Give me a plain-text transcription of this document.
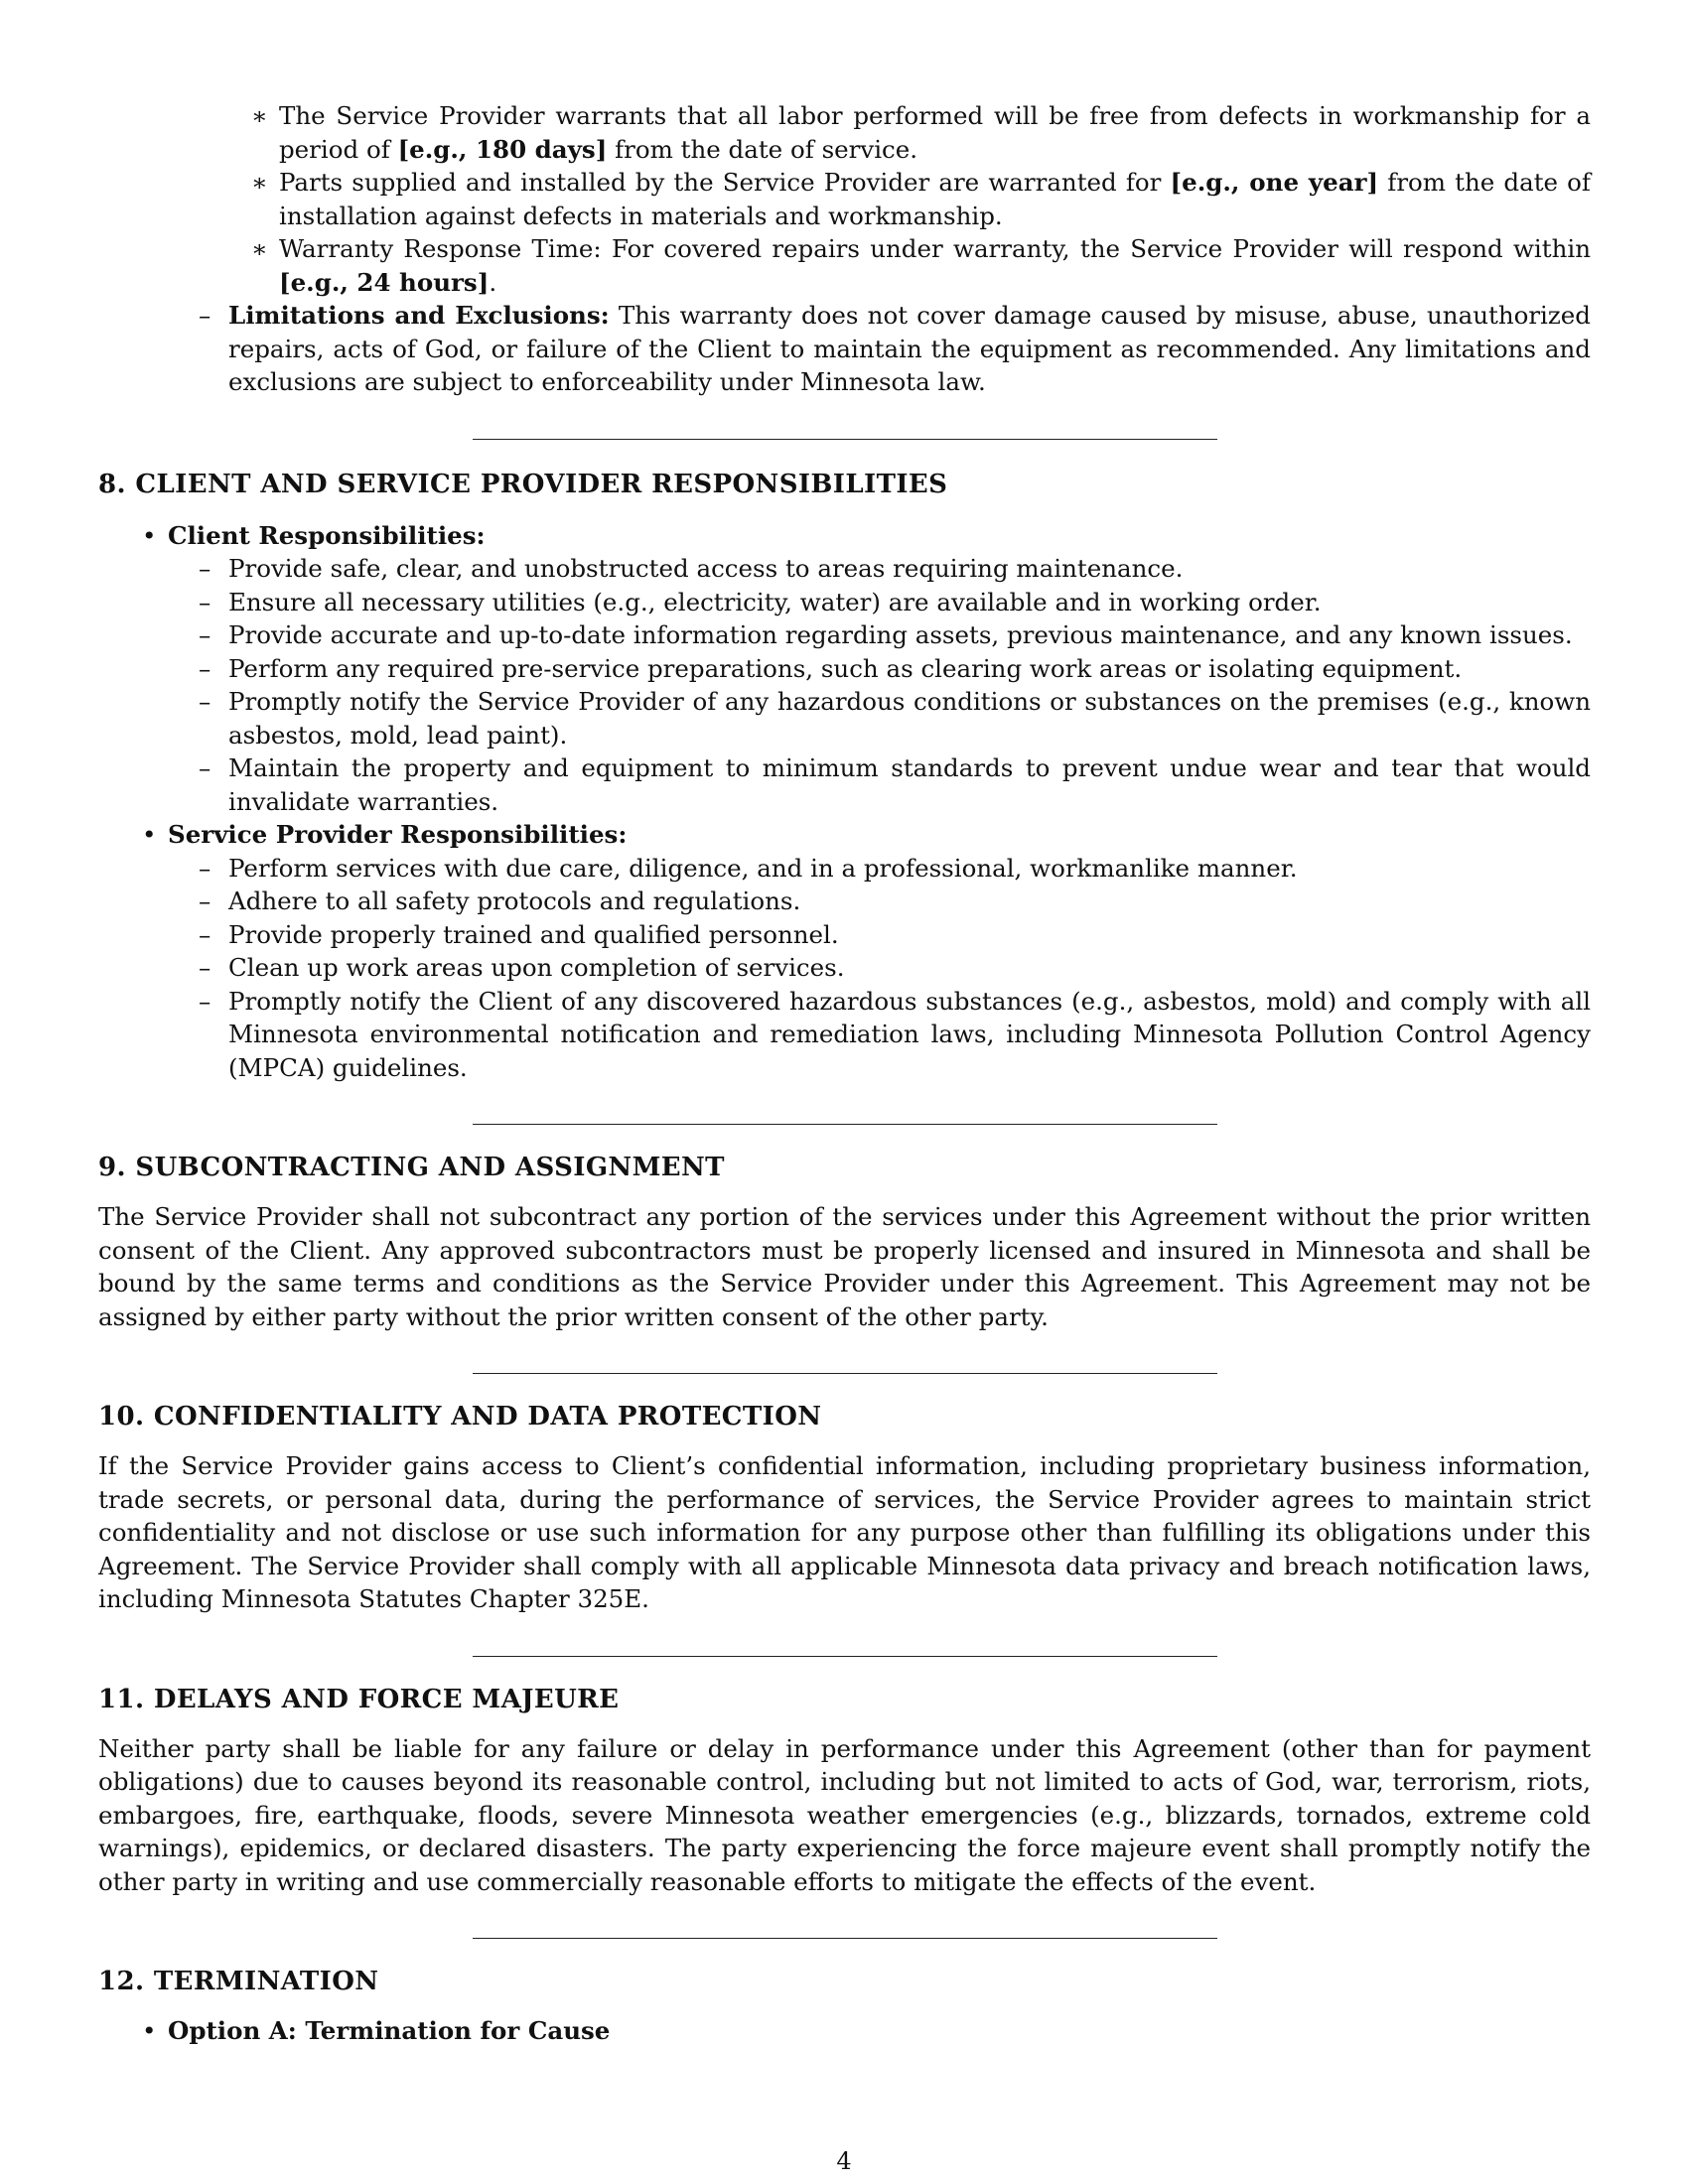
∗ The Service Provider warrants that all labor performed will be free from defects in workmanship for a period of [e.g., 180 days] from the date of service.
∗ Parts supplied and installed by the Service Provider are warranted for [e.g., one year] from the date of installation against defects in materials and workmanship.
∗ Warranty Response Time: For covered repairs under warranty, the Service Provider will respond within [e.g., 24 hours].
– Limitations and Exclusions: This warranty does not cover damage caused by misuse, abuse, unauthorized repairs, acts of God, or failure of the Client to maintain the equipment as recommended. Any limitations and exclusions are subject to enforceability under Minnesota law.
8. CLIENT AND SERVICE PROVIDER RESPONSIBILITIES
• Client Responsibilities:
– Provide safe, clear, and unobstructed access to areas requiring maintenance.
– Ensure all necessary utilities (e.g., electricity, water) are available and in working order.
– Provide accurate and up-to-date information regarding assets, previous maintenance, and any known issues.
– Perform any required pre-service preparations, such as clearing work areas or isolating equipment.
– Promptly notify the Service Provider of any hazardous conditions or substances on the premises (e.g., known asbestos, mold, lead paint).
– Maintain the property and equipment to minimum standards to prevent undue wear and tear that would invalidate warranties.
• Service Provider Responsibilities:
– Perform services with due care, diligence, and in a professional, workmanlike manner.
– Adhere to all safety protocols and regulations.
– Provide properly trained and qualified personnel.
– Clean up work areas upon completion of services.
– Promptly notify the Client of any discovered hazardous substances (e.g., asbestos, mold) and comply with all Minnesota environmental notification and remediation laws, including Minnesota Pollution Control Agency (MPCA) guidelines.
9. SUBCONTRACTING AND ASSIGNMENT

The Service Provider shall not subcontract any portion of the services under this Agreement without the prior written consent of the Client. Any approved subcontractors must be properly licensed and insured in Minnesota and shall be bound by the same terms and conditions as the Service Provider under this Agreement. This Agreement may not be assigned by either party without the prior written consent of the other party.

10. CONFIDENTIALITY AND DATA PROTECTION

If the Service Provider gains access to Client’s confidential information, including proprietary business information, trade secrets, or personal data, during the performance of services, the Service Provider agrees to maintain strict confidentiality and not disclose or use such information for any purpose other than fulfilling its obligations under this Agreement. The Service Provider shall comply with all applicable Minnesota data privacy and breach notification laws, including Minnesota Statutes Chapter 325E.

11. DELAYS AND FORCE MAJEURE

Neither party shall be liable for any failure or delay in performance under this Agreement (other than for payment obligations) due to causes beyond its reasonable control, including but not limited to acts of God, war, terrorism, riots, embargoes, fire, earthquake, floods, severe Minnesota weather emergencies (e.g., blizzards, tornados, extreme cold warnings), epidemics, or declared disasters. The party experiencing the force majeure event shall promptly notify the other party in writing and use commercially reasonable efforts to mitigate the effects of the event.

12. TERMINATION
• Option A: Termination for Cause
4
